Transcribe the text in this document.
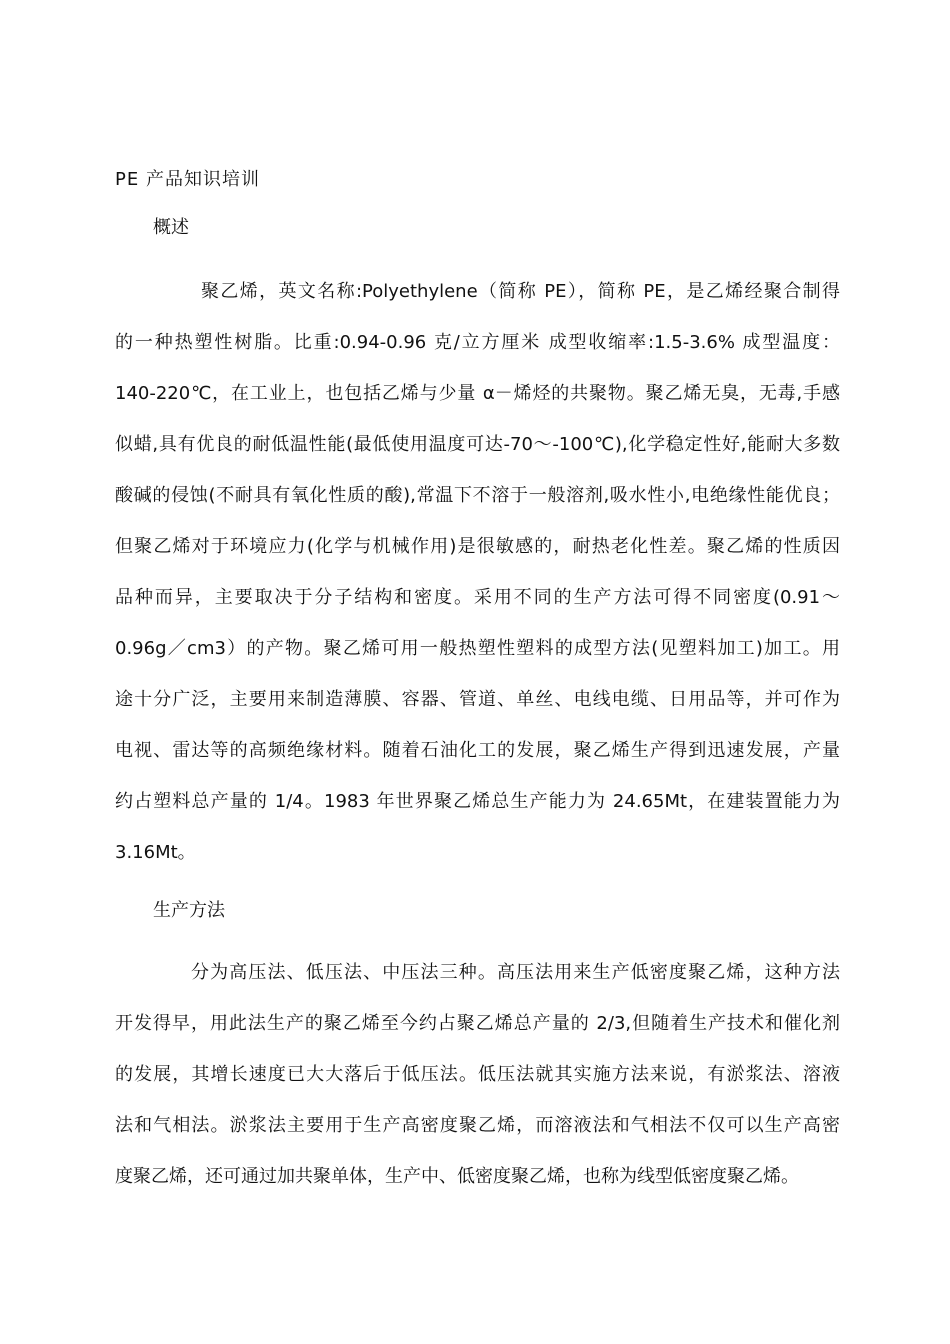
PE 产品知识培训
概述
聚乙烯，英文名称:Polyethylene（简称 PE），简称 PE，是乙烯经聚合制得
的一种热塑性树脂。比重:0.94-0.96 克/立方厘米 成型收缩率:1.5-3.6% 成型温度：
140-220℃，在工业上，也包括乙烯与少量 α－烯烃的共聚物。聚乙烯无臭，无毒,手感
似蜡,具有优良的耐低温性能(最低使用温度可达-70～-100℃),化学稳定性好,能耐大多数
酸碱的侵蚀(不耐具有氧化性质的酸),常温下不溶于一般溶剂,吸水性小,电绝缘性能优良；
但聚乙烯对于环境应力(化学与机械作用)是很敏感的，耐热老化性差。聚乙烯的性质因
品种而异，主要取决于分子结构和密度。采用不同的生产方法可得不同密度(0.91～
0.96g／cm3）的产物。聚乙烯可用一般热塑性塑料的成型方法(见塑料加工)加工。用
途十分广泛，主要用来制造薄膜、容器、管道、单丝、电线电缆、日用品等，并可作为
电视、雷达等的高频绝缘材料。随着石油化工的发展，聚乙烯生产得到迅速发展，产量
约占塑料总产量的 1/4。1983 年世界聚乙烯总生产能力为 24.65Mt，在建装置能力为
3.16Mt。
生产方法
分为高压法、低压法、中压法三种。高压法用来生产低密度聚乙烯，这种方法
开发得早，用此法生产的聚乙烯至今约占聚乙烯总产量的 2/3,但随着生产技术和催化剂
的发展，其增长速度已大大落后于低压法。低压法就其实施方法来说，有淤浆法、溶液
法和气相法。淤浆法主要用于生产高密度聚乙烯，而溶液法和气相法不仅可以生产高密
度聚乙烯，还可通过加共聚单体，生产中、低密度聚乙烯，也称为线型低密度聚乙烯。
